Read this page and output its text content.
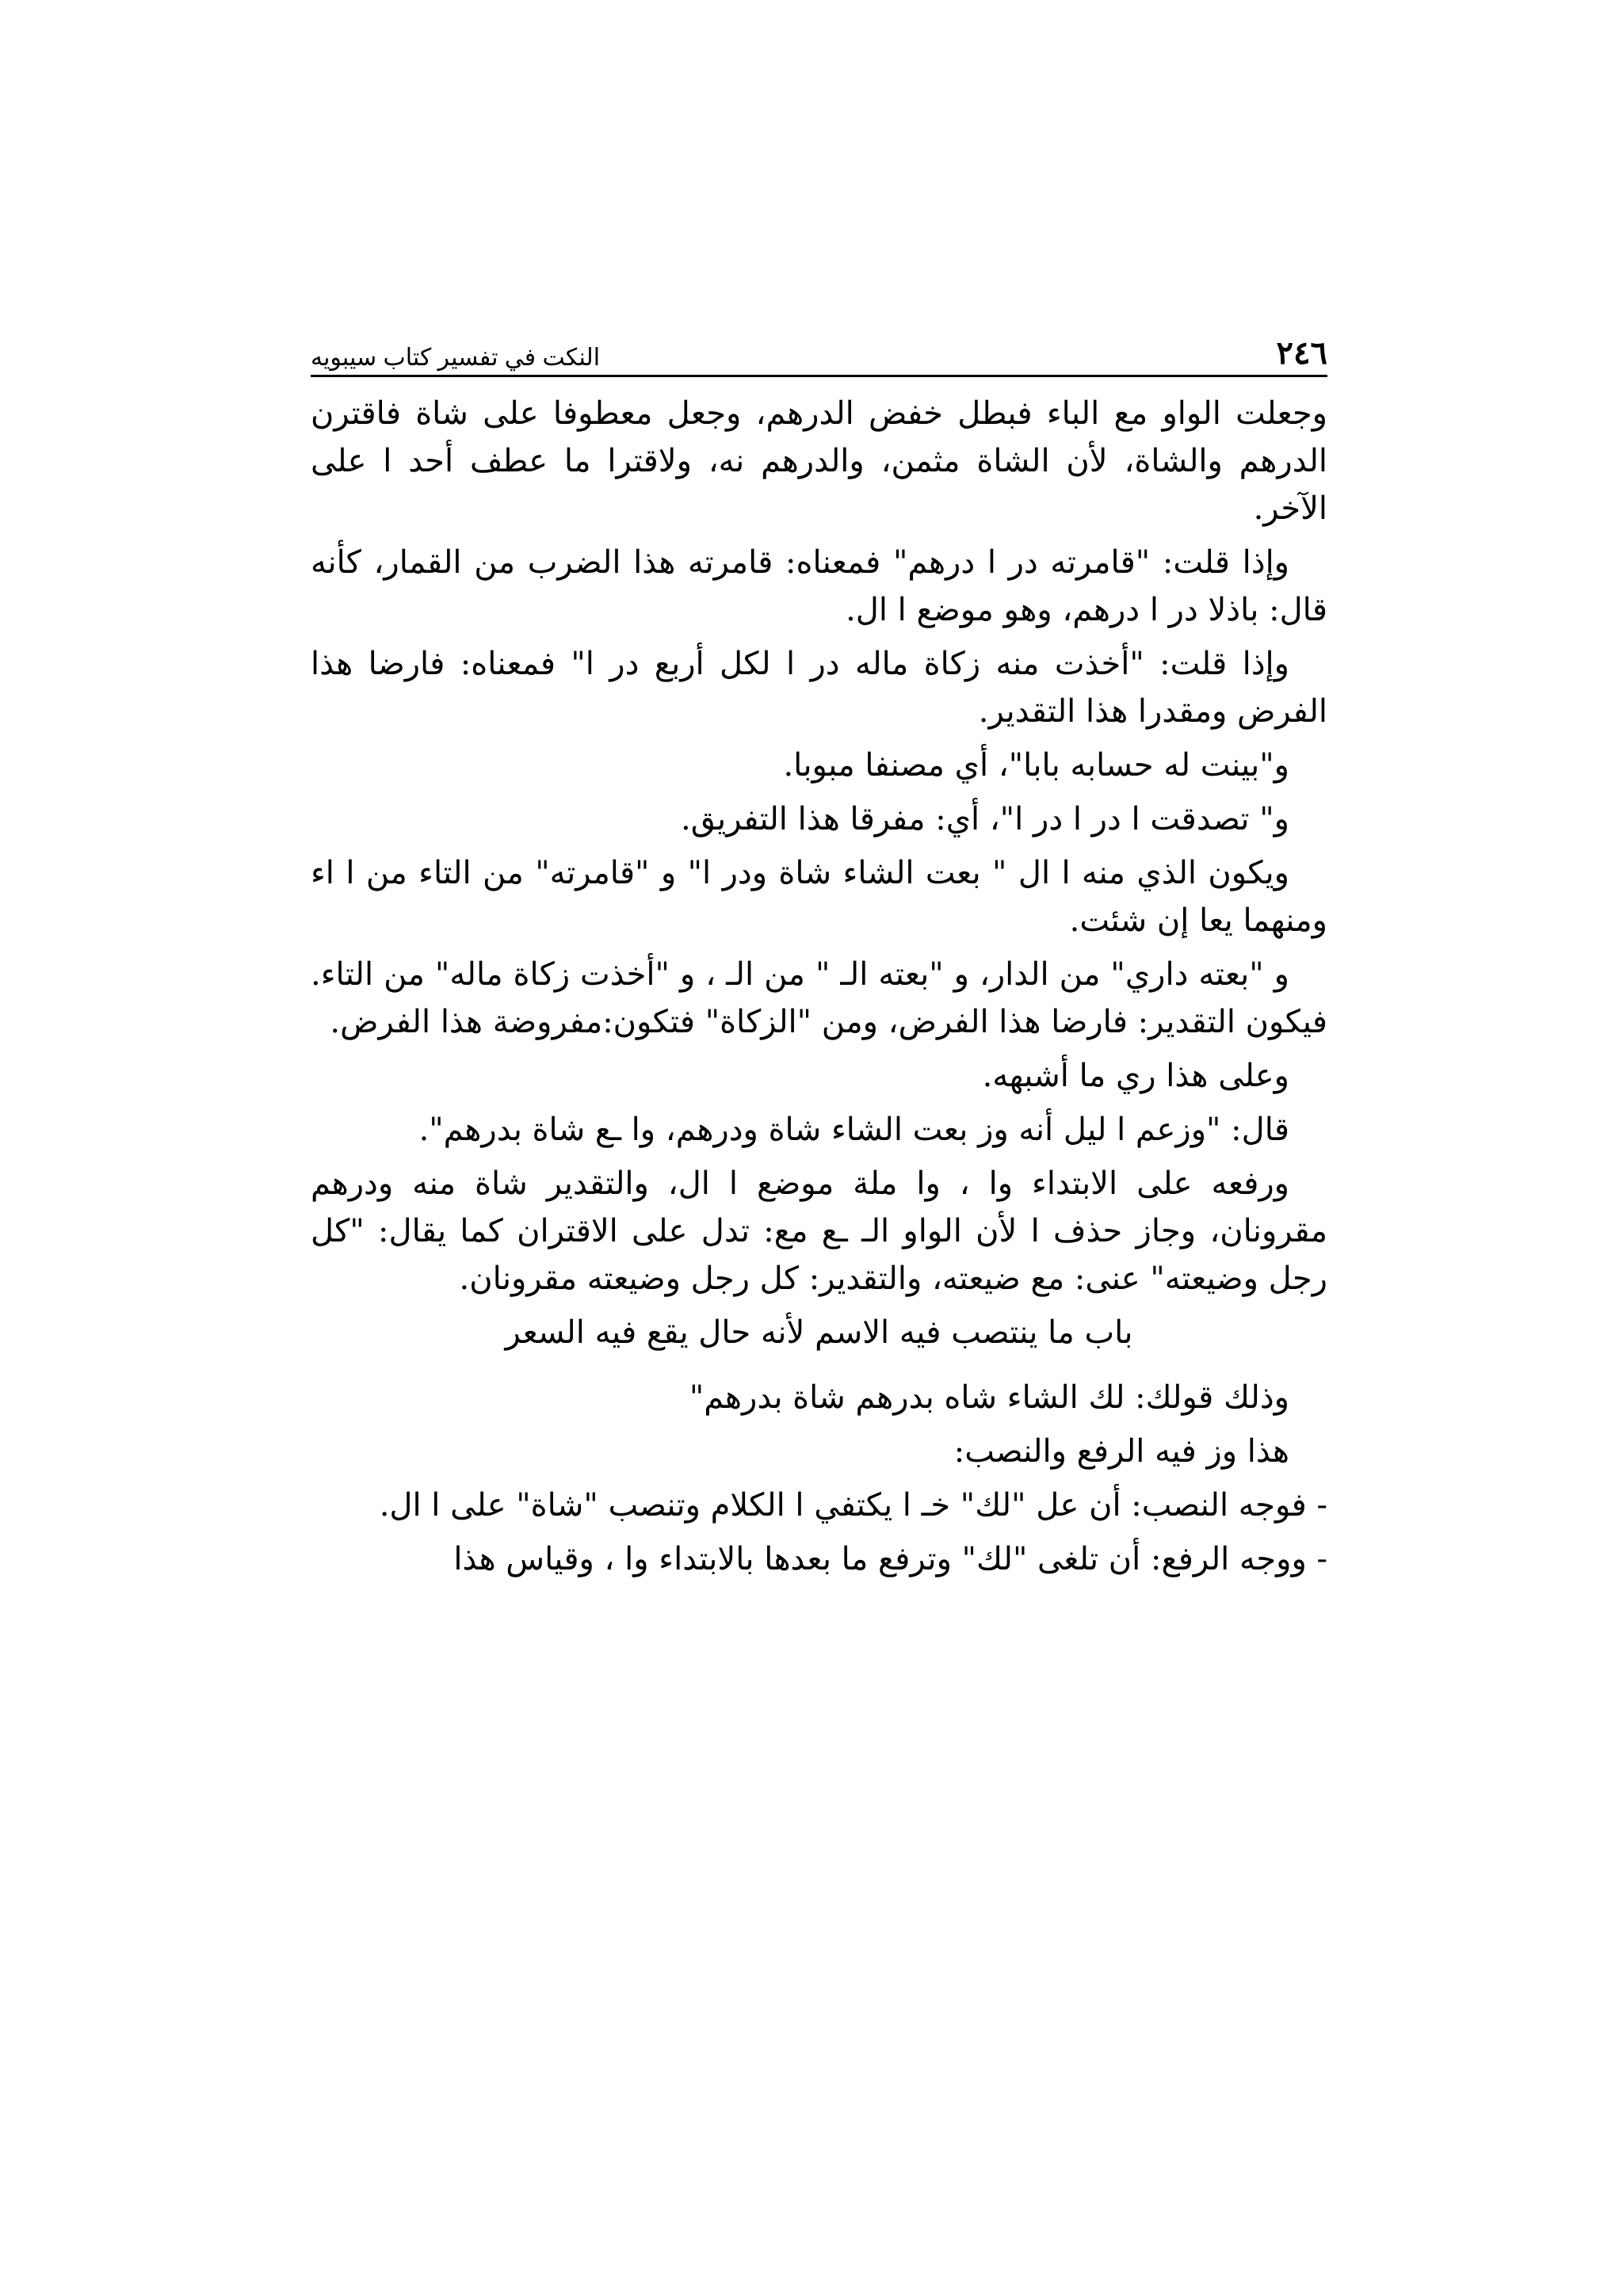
٢٤٦
النكت في تفسير كتاب سيبويه

وجعلت الواو مع الباء فبطل خفض الدرهم، وجعل معطوفا على شاة فاقترن الدرهم والشاة، لأن الشاة مثمن، والدرهم نه، ولاقترا ما عطف أحد ا على الآخر.

وإذا قلت: "قامرته در ا درهم" فمعناه: قامرته هذا الضرب من القمار، كأنه قال: باذلا در ا درهم، وهو موضع ا ال.

وإذا قلت: "أخذت منه زكاة ماله در ا لكل أربع در ا" فمعناه: فارضا هذا الفرض ومقدرا هذا التقدير.

و"بينت له حسابه بابا"، أي مصنفا مبوبا.

و" تصدقت ا در ا در ا"، أي: مفرقا هذا التفريق.

ويكون الذي منه ا ال " بعت الشاء شاة ودر ا" و "قامرته" من التاء من ا اء ومنهما يعا إن شئت.

و "بعته داري" من الدار، و "بعته الـ " من الـ ، و "أخذت زكاة ماله" من التاء. فيكون التقدير: فارضا هذا الفرض، ومن "الزكاة" فتكون:مفروضة هذا الفرض.

وعلى هذا ري ما أشبهه.

قال: "وزعم ا ليل أنه وز بعت الشاء شاة ودرهم، وا ـع شاة بدرهم".

ورفعه على الابتداء وا ، وا ملة موضع ا ال، والتقدير شاة منه ودرهم مقرونان، وجاز حذف ا لأن الواو الـ ـع مع: تدل على الاقتران كما يقال: "كل رجل وضيعته" عنى: مع ضيعته، والتقدير: كل رجل وضيعته مقرونان.

باب ما ينتصب فيه الاسم لأنه حال يقع فيه السعر

وذلك قولك: لك الشاء شاه بدرهم شاة بدرهم"

هذا وز فيه الرفع والنصب:

- فوجه النصب: أن عل "لك" خـ ا يكتفي ا الكلام وتنصب "شاة" على ا ال.

- ووجه الرفع: أن تلغى "لك" وترفع ما بعدها بالابتداء وا ، وقياس هذا
